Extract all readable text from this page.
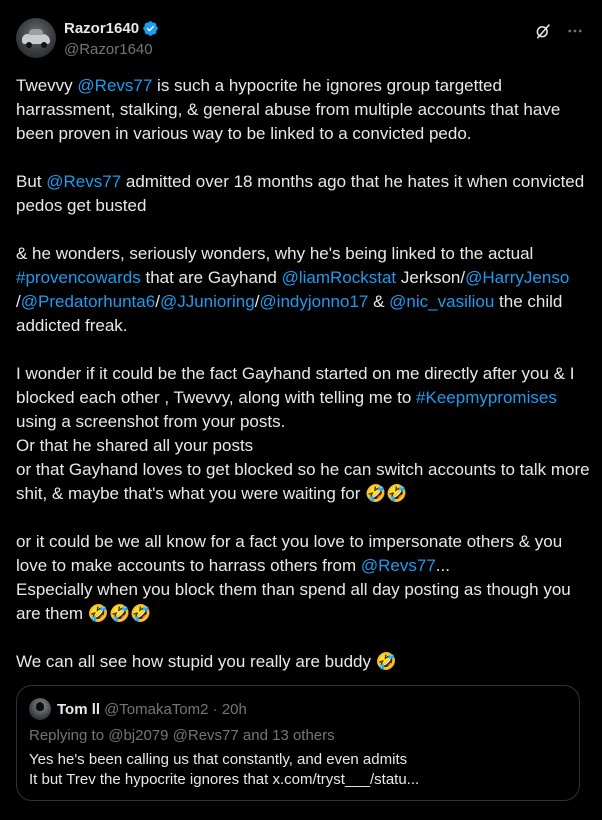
Razor1640
@Razor1640

Twevvy @Revs77 is such a hypocrite he ignores group targetted harrassment, stalking, & general abuse from multiple accounts that have been proven in various way to be linked to a convicted pedo.

But @Revs77 admitted over 18 months ago that he hates it when convicted pedos get busted

& he wonders, seriously wonders, why he's being linked to the actual #provencowards that are Gayhand @liamRockstat Jerkson/@HarryJenso /@Predatorhunta6/@JJunioring/@indyjonno17 & @nic_vasiliou the child addicted freak.

I wonder if it could be the fact Gayhand started on me directly after you & I blocked each other , Twevvy, along with telling me to #Keepmypromises using a screenshot from your posts.
Or that he shared all your posts
or that Gayhand loves to get blocked so he can switch accounts to talk more shit, & maybe that's what you were waiting for 🤣🤣

or it could be we all know for a fact you love to impersonate others & you love to make accounts to harrass others from @Revs77...
Especially when you block them than spend all day posting as though you are them 🤣🤣🤣

We can all see how stupid you really are buddy 🤣

Tom ll @TomakaTom2 · 20h
Replying to @bj2079 @Revs77 and 13 others
Yes he's been calling us that constantly, and even admits
It but Trev the hypocrite ignores that x.com/tryst___/statu...
